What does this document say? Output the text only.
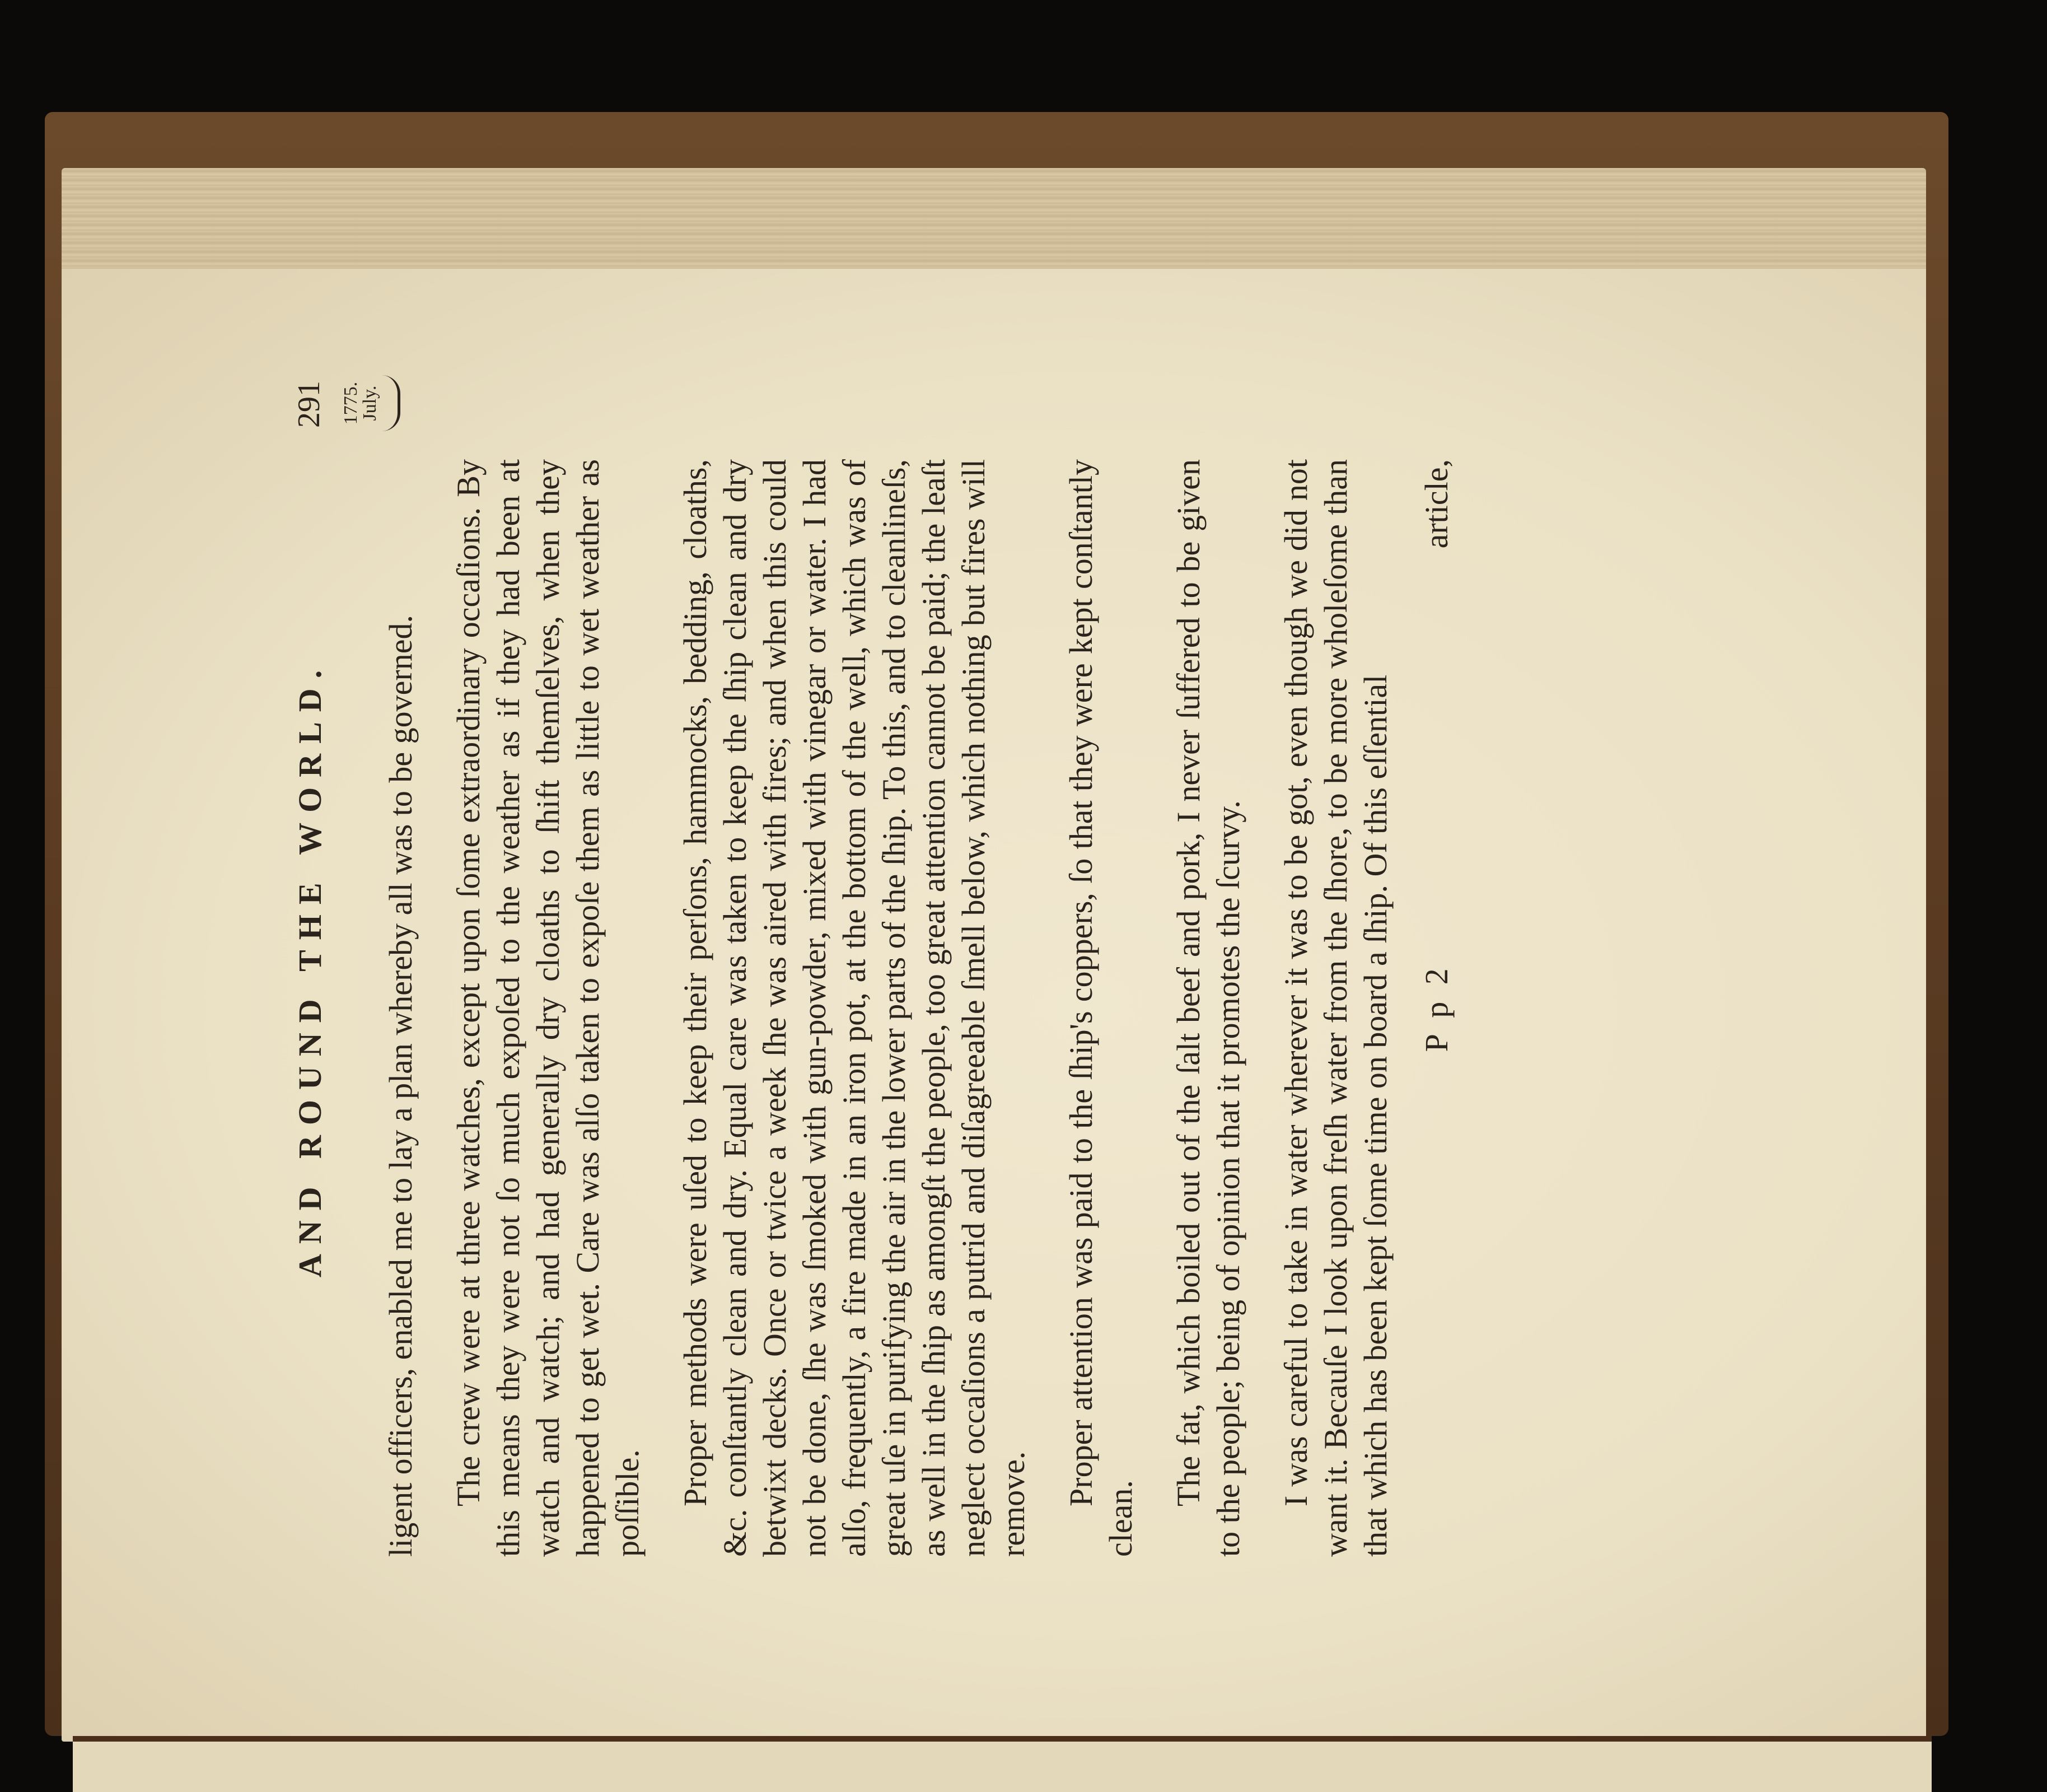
AND ROUND THE WORLD.
291 1775.
July.

ligent officers, enabled me to lay a plan whereby all was to be governed. The crew were at three watches, except upon ſome extraordinary occaſions. By this means they were not ſo much expoſed to the weather as if they had been at watch and watch; and had generally dry cloaths to ſhift themſelves, when they happened to get wet. Care was alſo taken to expoſe them as little to wet weather as poſſible. Proper methods were uſed to keep their perſons, hammocks, bedding, cloaths, &c. conſtantly clean and dry. Equal care was taken to keep the ſhip clean and dry betwixt decks. Once or twice a week ſhe was aired with fires; and when this could not be done, ſhe was ſmoked with gun-powder, mixed with vinegar or water. I had alſo, frequently, a fire made in an iron pot, at the bottom of the well, which was of great uſe in purifying the air in the lower parts of the ſhip. To this, and to cleanlineſs, as well in the ſhip as amongſt the people, too great attention cannot be paid; the leaſt neglect occaſions a putrid and diſagreeable ſmell below, which nothing but fires will remove. Proper attention was paid to the ſhip's coppers, ſo that they were kept conſtantly clean.

The fat, which boiled out of the ſalt beef and pork, I never ſuffered to be given to the people; being of opinion that it promotes the ſcurvy. I was careful to take in water wherever it was to be got, even though we did not want it. Becauſe I look upon freſh water from the ſhore, to be more wholeſome than that which has been kept ſome time on board a ſhip. Of this eſſential P p 2
article,
